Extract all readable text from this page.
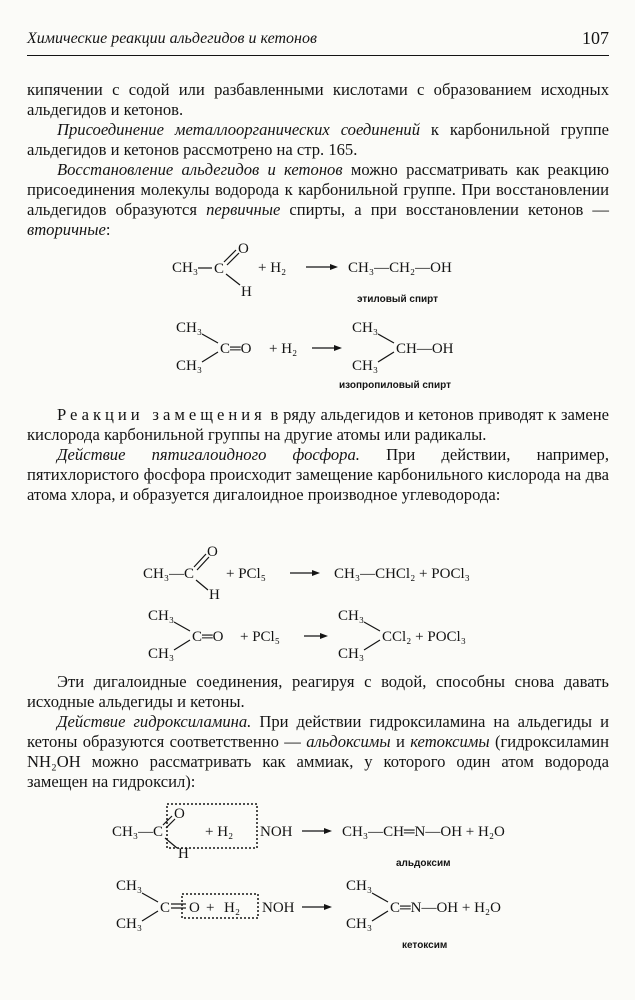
Химические реакции альдегидов и кетонов	107

кипячении с содой или разбавленными кислотами с образованием исходных альдегидов и кетонов.

Присоединение металлоорганических соединений к карбонильной группе альдегидов и кетонов рассмотрено на стр. 165.

Восстановление альдегидов и кетонов можно рассматривать как реакцию присоединения молекулы водорода к карбонильной группе. При восстановлении альдегидов образуются первичные спирты, а при восстановлении кетонов — вторичные:

CH₃ C
O
H
+ H₂	CH₃—CH₂—OH
этиловый спирт
CH₃
CH₃
C═O + H₂
CH₃
CH₃
CH—OH
изопропиловый спирт

Реакции замещения в ряду альдегидов и кетонов приводят к замене кислорода карбонильной группы на другие атомы или радикалы.

Действие пятигалоидного фосфора. При действии, например, пятихлористого фосфора происходит замещение карбонильного кислорода на два атома хлора, и образуется дигалоидное производное углеводорода:

CH₃— C
O
H
+ PCl₅	CH₃—CHCl₂ + POCl₃
CH₃
CH₃
C═O + PCl₅
CH₃
CH₃
CCl₂ + POCl₃

Эти дигалоидные соединения, реагируя с водой, способны снова давать исходные альдегиды и кетоны.

Действие гидроксиламина. При действии гидроксиламина на альдегиды и кетоны образуются соответственно — альдоксимы и кетоксимы (гидроксиламин NH₂OH можно рассматривать как аммиак, у которого один атом водорода замещен на гидроксил):

CH₃— C
O
H
+ H₂ NOH	CH₃—CH═N—OH + H₂O
альдоксим
CH₃
CH₃
C O + H₂ NOH
CH₃
CH₃
C═N—OH + H₂O
кетоксим
